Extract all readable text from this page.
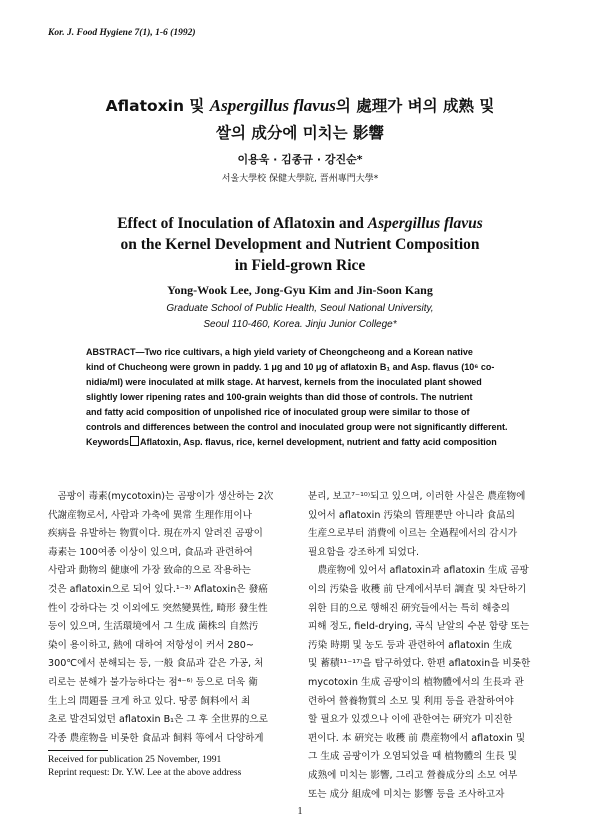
Kor. J. Food Hygiene 7(1), 1-6 (1992)
Aflatoxin 및 Aspergillus flavus의 處理가 벼의 成熟 및
쌀의 成分에 미치는 影響
이용욱 · 김종규 · 강진순*
서울大學校 保健大學院, 晋州專門大學*
Effect of Inoculation of Aflatoxin and Aspergillus flavus
on the Kernel Development and Nutrient Composition
in Field-grown Rice
Yong-Wook Lee, Jong-Gyu Kim and Jin-Soon Kang
Graduate School of Public Health, Seoul National University,
Seoul 110-460, Korea. Jinju Junior College*
ABSTRACT—Two rice cultivars, a high yield variety of Cheongcheong and a Korean native
kind of Chucheong were grown in paddy. 1 μg and 10 μg of aflatoxin B₁ and Asp. flavus (10⁶ co-
nidia/ml) were inoculated at milk stage. At harvest, kernels from the inoculated plant showed
slightly lower ripening rates and 100-grain weights than did those of controls. The nutrient
and fatty acid composition of unpolished rice of inoculated group were similar to those of
controls and differences between the control and inoculated group were not significantly different.
Keywords Aflatoxin, Asp. flavus, rice, kernel development, nutrient and fatty acid composition
　곰팡이 毒素(mycotoxin)는 곰팡이가 생산하는 2次
代謝産物로서, 사람과 가축에 異常 生理作用이나
疾病을 유발하는 物質이다. 現在까지 알려진 곰팡이
毒素는 100여종 이상이 있으며, 食品과 관련하여
사람과 動物의 健康에 가장 致命的으로 작용하는
것은 aflatoxin으로 되어 있다.¹⁻³⁾ Aflatoxin은 發癌
性이 강하다는 것 이외에도 突然變異性, 畸形 發生性
등이 있으며, 生活環境에서 그 生成 菌株의 自然汚
染이 용이하고, 熱에 대하여 저항성이 커서 280~
300℃에서 분해되는 등, 一般 食品과 같은 가공, 처
리로는 분해가 불가능하다는 점⁴⁻⁶⁾ 등으로 더욱 衛
生上의 問題를 크게 하고 있다. 땅콩 飼料에서 최
초로 발견되었던 aflatoxin B₁은 그 후 全世界的으로
각종 農産物을 비롯한 食品과 飼料 等에서 다양하게
분리, 보고⁷⁻¹⁰⁾되고 있으며, 이러한 사실은 農産物에
있어서 aflatoxin 汚染의 管理뿐만 아니라 食品의
生産으로부터 消費에 이르는 全過程에서의 감시가
필요함을 강조하게 되었다.
　農産物에 있어서 aflatoxin과 aflatoxin 生成 곰팡
이의 汚染을 收穫 前 단계에서부터 調査 및 차단하기
위한 目的으로 행해진 硏究들에서는 특히 해충의
피해 정도, field-drying, 곡식 낟알의 수분 함량 또는
汚染 時期 및 농도 등과 관련하여 aflatoxin 生成
및 蓄積¹¹⁻¹⁷⁾을 탐구하였다. 한편 aflatoxin을 비롯한
mycotoxin 生成 곰팡이의 植物體에서의 生長과 관
련하여 營養物質의 소모 및 利用 등을 관찰하여야
할 필요가 있겠으나 이에 관한여는 硏究가 미진한
편이다. 本 硏究는 收穫 前 農産物에서 aflatoxin 및
그 生成 곰팡이가 오염되었을 때 植物體의 生長 및
成熟에 미치는 影響, 그리고 營養成分의 소모 여부
또는 成分 組成에 미치는 影響 등을 조사하고자
Received for publication 25 November, 1991
Reprint request: Dr. Y.W. Lee at the above address
1
